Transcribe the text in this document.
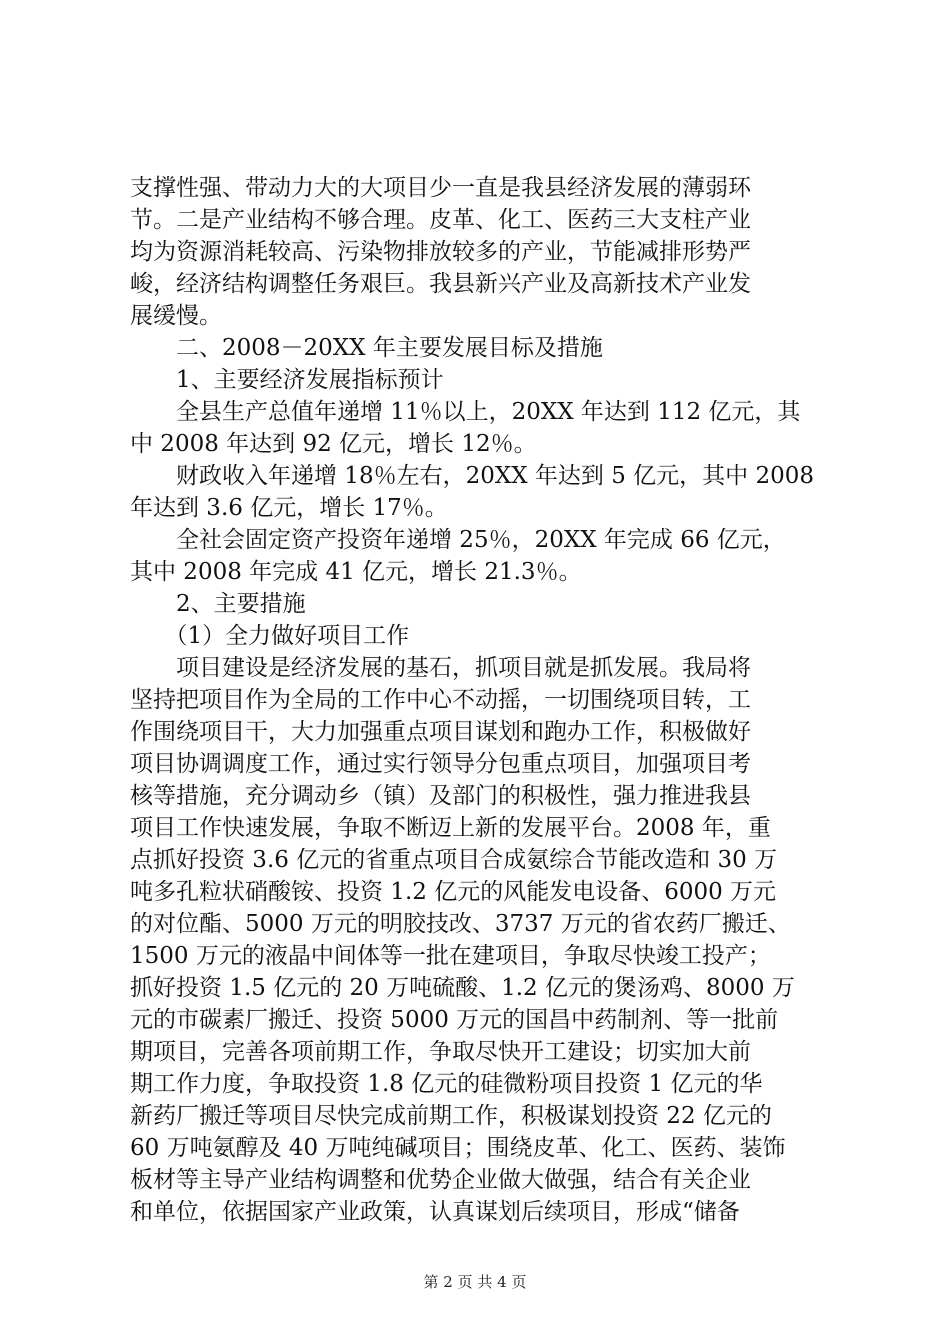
支撑性强、带动力大的大项目少一直是我县经济发展的薄弱环
节。二是产业结构不够合理。皮革、化工、医药三大支柱产业
均为资源消耗较高、污染物排放较多的产业，节能减排形势严
峻，经济结构调整任务艰巨。我县新兴产业及高新技术产业发
展缓慢。
　　二、2008－20XX 年主要发展目标及措施
　　1、主要经济发展指标预计
　　全县生产总值年递增 11％以上，20XX 年达到 112 亿元，其
中 2008 年达到 92 亿元，增长 12％。
　　财政收入年递增 18％左右，20XX 年达到 5 亿元，其中 2008
年达到 3.6 亿元，增长 17％。
　　全社会固定资产投资年递增 25％，20XX 年完成 66 亿元，
其中 2008 年完成 41 亿元，增长 21.3％。
　　2、主要措施
　　（1）全力做好项目工作
　　项目建设是经济发展的基石，抓项目就是抓发展。我局将
坚持把项目作为全局的工作中心不动摇，一切围绕项目转，工
作围绕项目干，大力加强重点项目谋划和跑办工作，积极做好
项目协调调度工作，通过实行领导分包重点项目，加强项目考
核等措施，充分调动乡（镇）及部门的积极性，强力推进我县
项目工作快速发展，争取不断迈上新的发展平台。2008 年，重
点抓好投资 3.6 亿元的省重点项目合成氨综合节能改造和 30 万
吨多孔粒状硝酸铵、投资 1.2 亿元的风能发电设备、6000 万元
的对位酯、5000 万元的明胶技改、3737 万元的省农药厂搬迁、
1500 万元的液晶中间体等一批在建项目，争取尽快竣工投产；
抓好投资 1.5 亿元的 20 万吨硫酸、1.2 亿元的煲汤鸡、8000 万
元的市碳素厂搬迁、投资 5000 万元的国昌中药制剂、等一批前
期项目，完善各项前期工作，争取尽快开工建设；切实加大前
期工作力度，争取投资 1.8 亿元的硅微粉项目投资 1 亿元的华
新药厂搬迁等项目尽快完成前期工作，积极谋划投资 22 亿元的
60 万吨氨醇及 40 万吨纯碱项目；围绕皮革、化工、医药、装饰
板材等主导产业结构调整和优势企业做大做强，结合有关企业
和单位，依据国家产业政策，认真谋划后续项目，形成“储备
第 2 页 共 4 页
